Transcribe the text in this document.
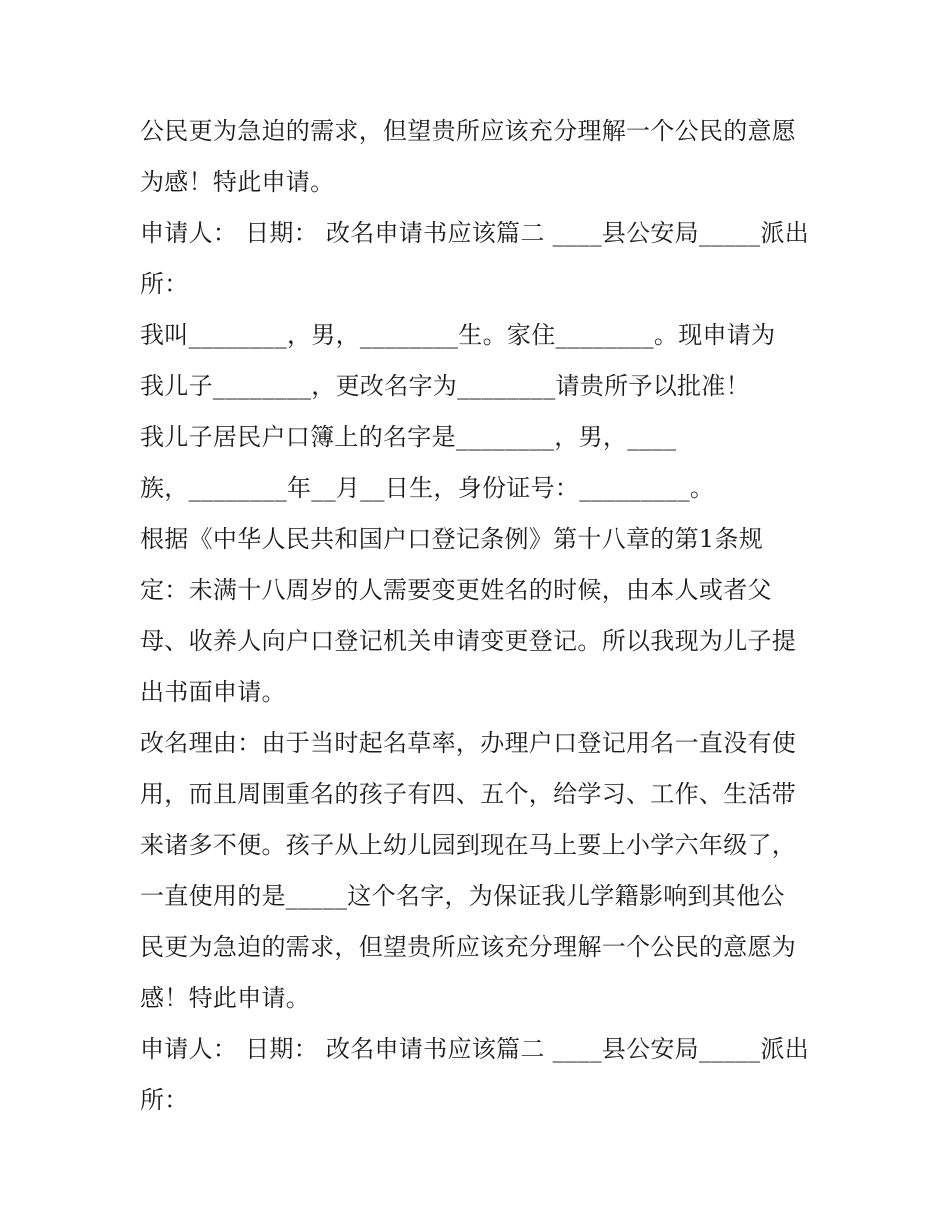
公民更为急迫的需求，但望贵所应该充分理解一个公民的意愿
为感！特此申请。
申请人： 日期： 改名申请书应该篇二 ____县公安局_____派出
所：
我叫________，男，________生。家住________。现申请为
我儿子________，更改名字为________请贵所予以批准！
我儿子居民户口簿上的名字是________，男，____
族，________年__月__日生，身份证号：_________。
根据《中华人民共和国户口登记条例》第十八章的第1条规
定：未满十八周岁的人需要变更姓名的时候，由本人或者父
母、收养人向户口登记机关申请变更登记。所以我现为儿子提
出书面申请。
改名理由：由于当时起名草率，办理户口登记用名一直没有使
用，而且周围重名的孩子有四、五个，给学习、工作、生活带
来诸多不便。孩子从上幼儿园到现在马上要上小学六年级了，
一直使用的是_____这个名字，为保证我儿学籍影响到其他公
民更为急迫的需求，但望贵所应该充分理解一个公民的意愿为
感！特此申请。
申请人： 日期： 改名申请书应该篇二 ____县公安局_____派出
所：
